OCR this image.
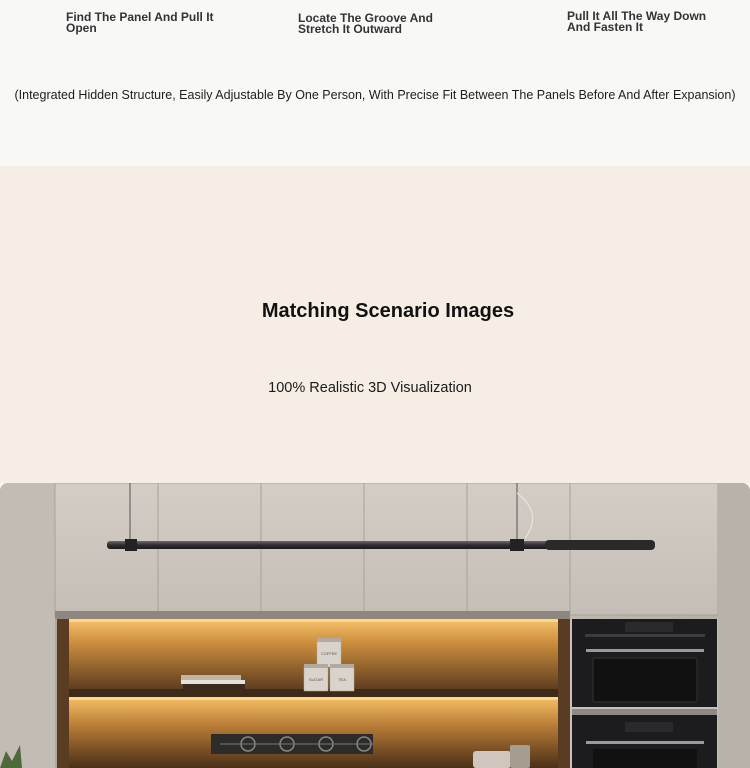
Find The Panel And Pull It Open
Locate The Groove And Stretch It Outward
Pull It All The Way Down And Fasten It
(Integrated Hidden Structure, Easily Adjustable By One Person, With Precise Fit Between The Panels Before And After Expansion)
Matching Scenario Images
100% Realistic 3D Visualization
COFFEE
SUGAR	TEA
